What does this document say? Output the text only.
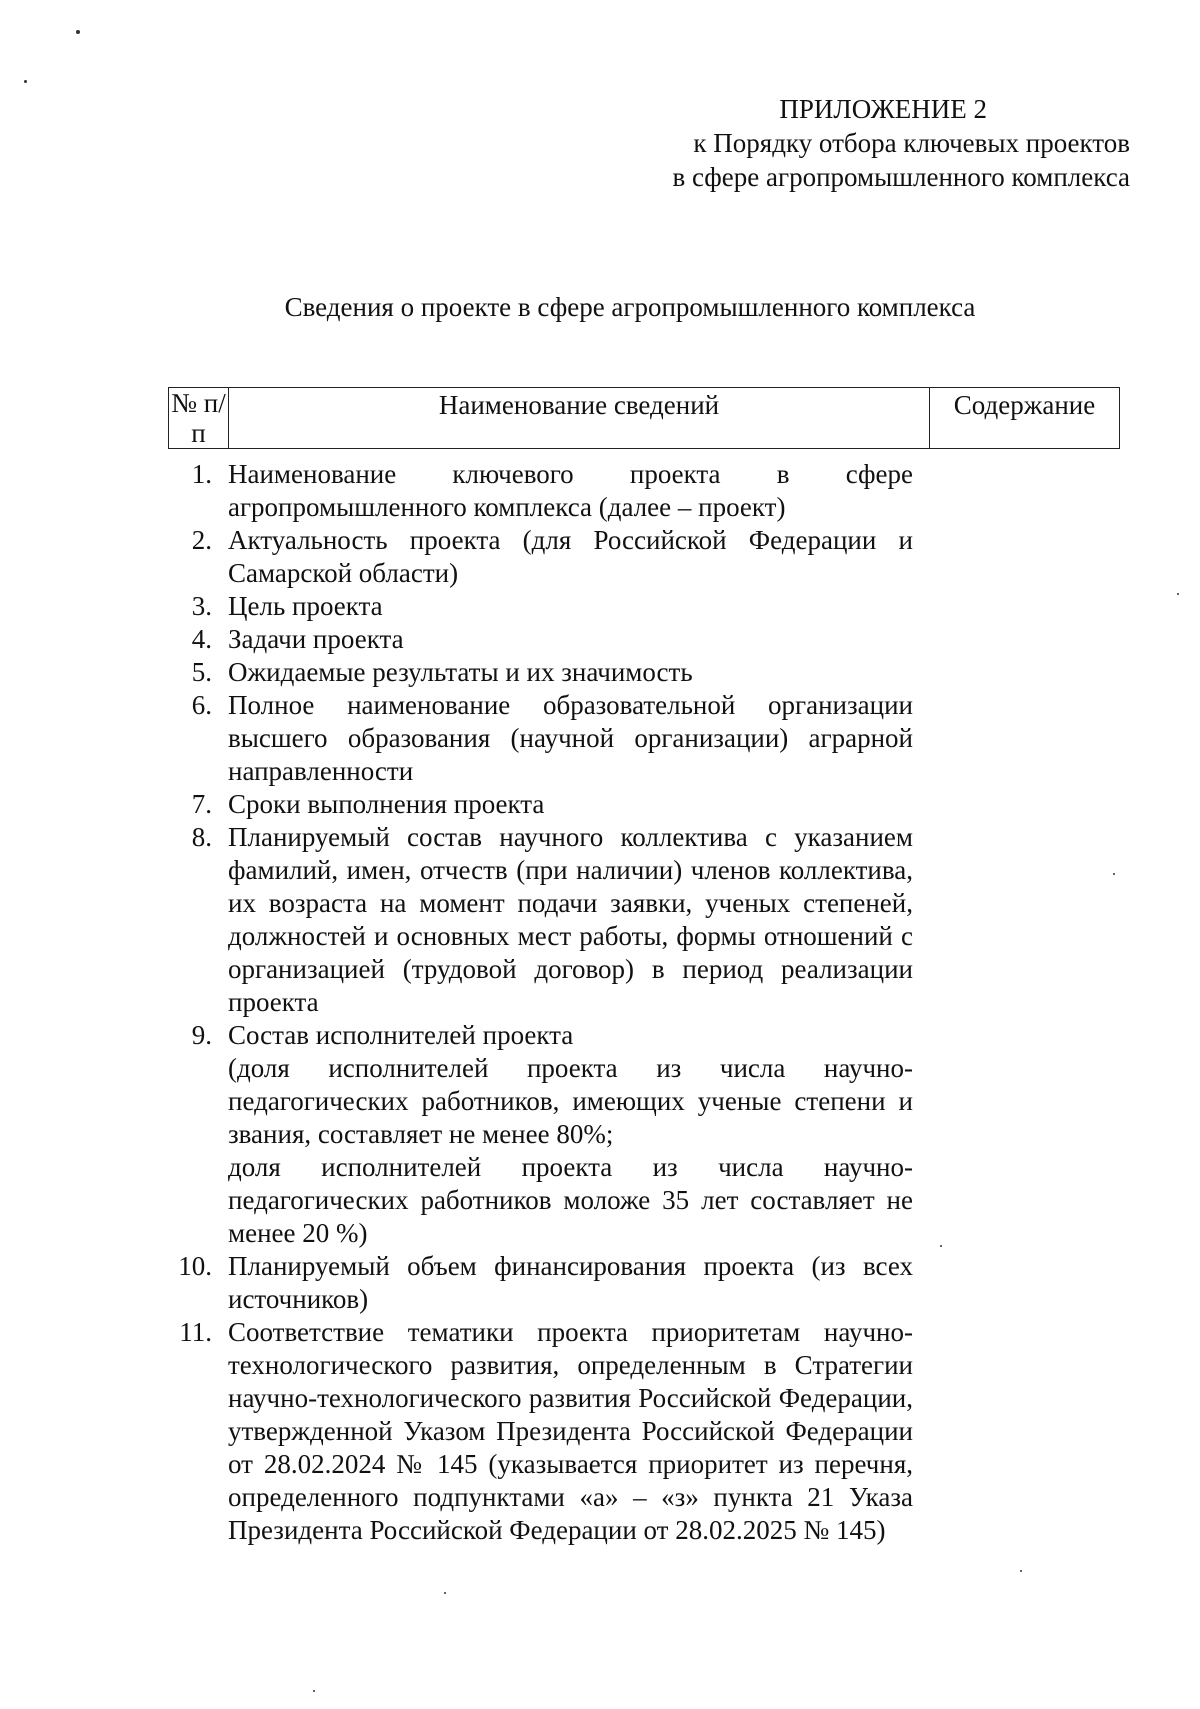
ПРИЛОЖЕНИЕ 2
к Порядку отбора ключевых проектов
в сфере агропромышленного комплекса
Сведения о проекте в сфере агропромышленного комплекса
№ п/п
Наименование сведений	Содержание
1. Наименование ключевого проекта в сфере агропромышленного комплекса (далее – проект)
2. Актуальность проекта (для Российской Федерации и Самарской области)
3. Цель проекта
4. Задачи проекта
5. Ожидаемые результаты и их значимость
6. Полное наименование образовательной организации высшего образования (научной организации) аграрной направленности
7. Сроки выполнения проекта
8. Планируемый состав научного коллектива с указанием фамилий, имен, отчеств (при наличии) членов коллектива, их возраста на момент подачи заявки, ученых степеней, должностей и основных мест работы, формы отношений с организацией (трудовой договор) в период реализации проекта
9. Состав исполнителей проекта
(доля исполнителей проекта из числа научно-педагогических работников, имеющих ученые степени и звания, составляет не менее 80%;
доля исполнителей проекта из числа научно-педагогических работников моложе 35 лет составляет не менее 20 %)
10. Планируемый объем финансирования проекта (из всех источников)
11. Соответствие тематики проекта приоритетам научно-технологического развития, определенным в Стратегии научно-технологического развития Российской Федерации, утвержденной Указом Президента Российской Федерации от 28.02.2024 № 145 (указывается приоритет из перечня, определенного подпунктами «а» – «з» пункта 21 Указа Президента Российской Федерации от 28.02.2025 № 145)
